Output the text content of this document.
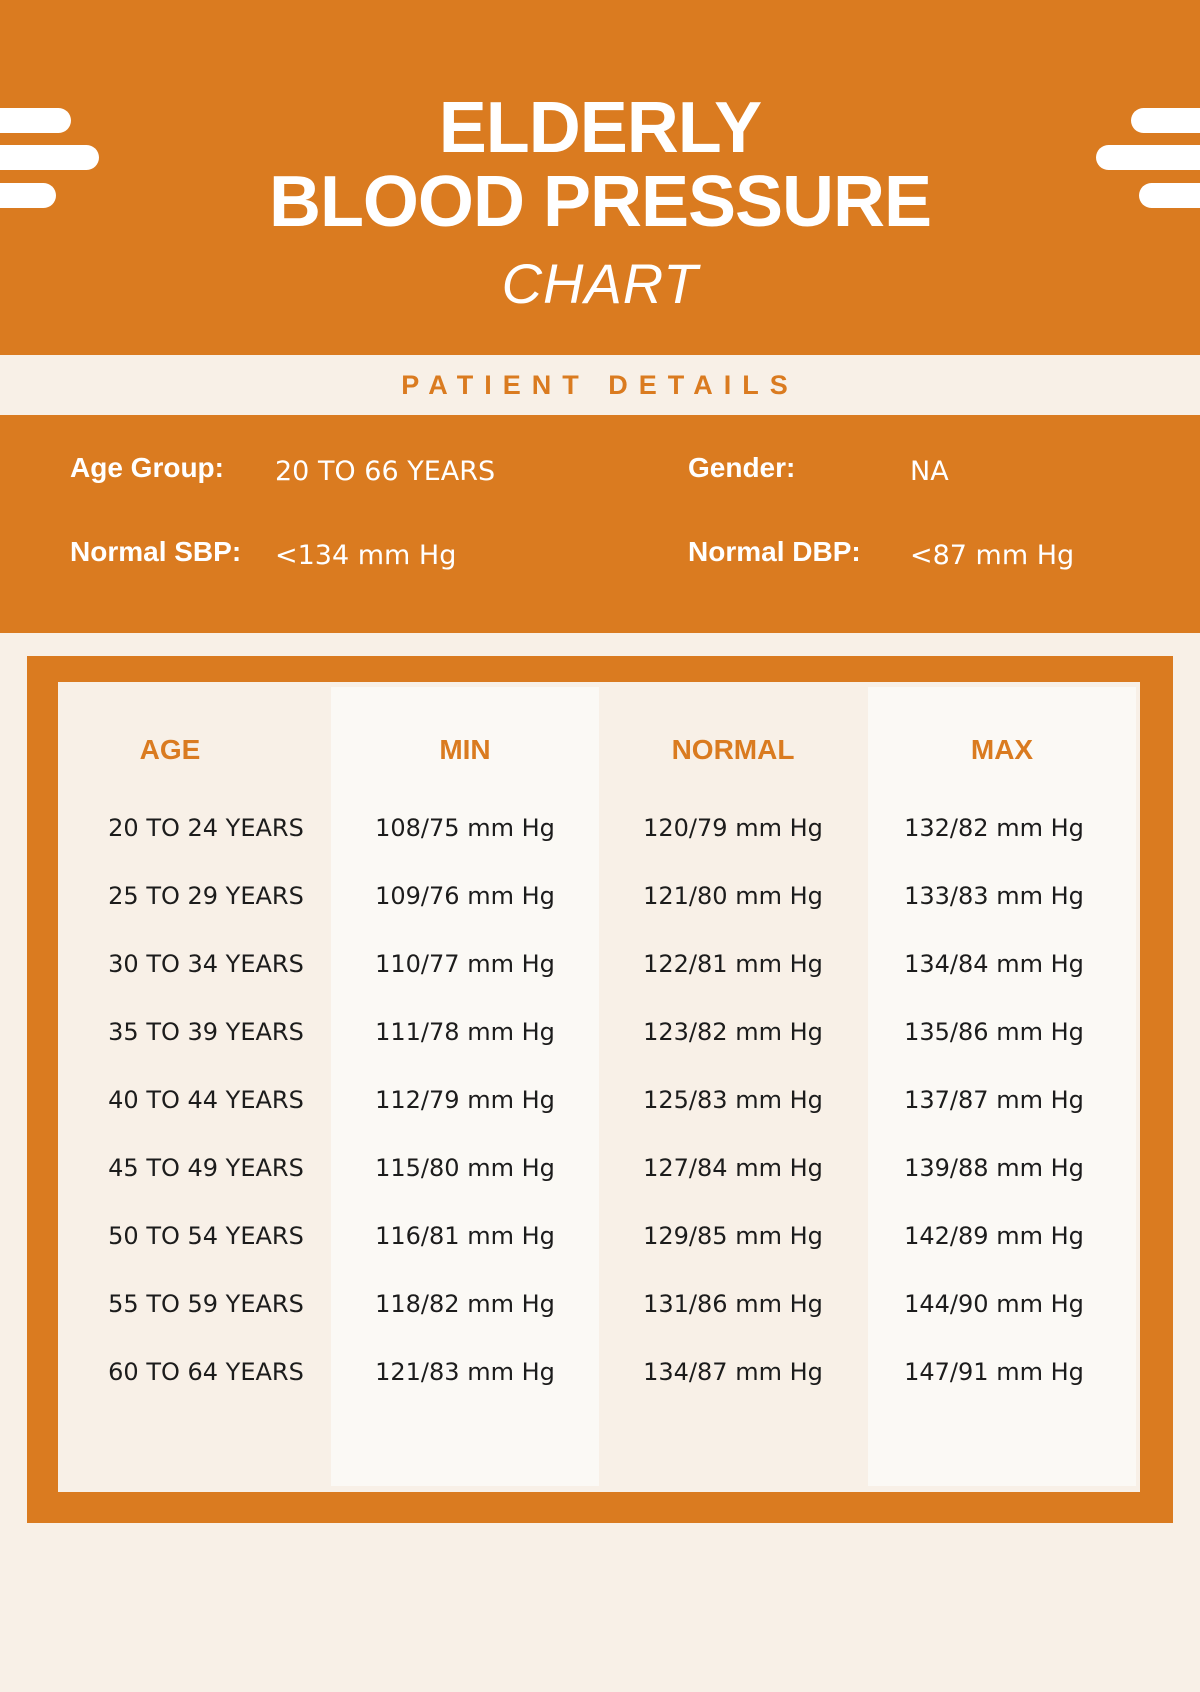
ELDERLY
BLOOD PRESSURE
CHART
PATIENT DETAILS
Age Group: 20 TO 66 YEARS	Gender:	NA
Normal SBP: <134 mm Hg	Normal DBP: <87 mm Hg
AGE	MIN	NORMAL	MAX
20 TO 24 YEARS	108/75 mm Hg	120/79 mm Hg	132/82 mm Hg
25 TO 29 YEARS	109/76 mm Hg	121/80 mm Hg	133/83 mm Hg
30 TO 34 YEARS	110/77 mm Hg	122/81 mm Hg	134/84 mm Hg
35 TO 39 YEARS	111/78 mm Hg	123/82 mm Hg	135/86 mm Hg
40 TO 44 YEARS	112/79 mm Hg	125/83 mm Hg	137/87 mm Hg
45 TO 49 YEARS	115/80 mm Hg	127/84 mm Hg	139/88 mm Hg
50 TO 54 YEARS	116/81 mm Hg	129/85 mm Hg	142/89 mm Hg
55 TO 59 YEARS	118/82 mm Hg	131/86 mm Hg	144/90 mm Hg
60 TO 64 YEARS	121/83 mm Hg	134/87 mm Hg	147/91 mm Hg
